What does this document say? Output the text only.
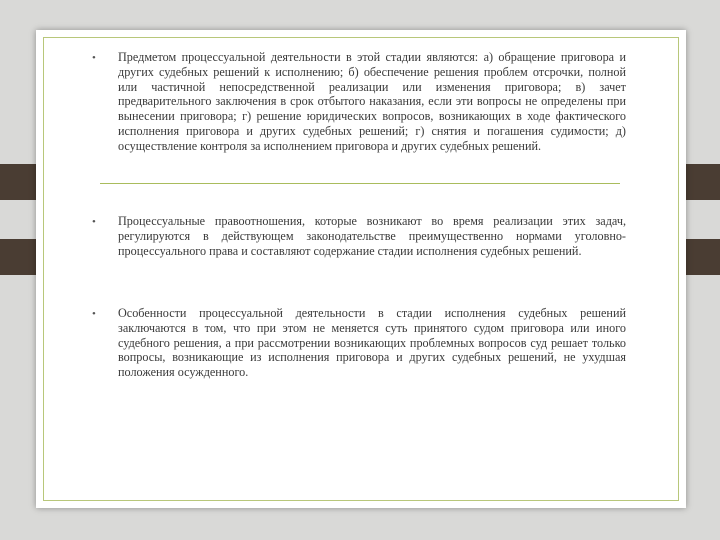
• Предметом процессуальной деятельности в этой стадии являются: а) обращение приговора и других судебных решений к исполнению; б) обеспечение решения проблем отсрочки, полной или частичной непосредственной реализации или изменения приговора; в) зачет предварительного заключения в срок отбытого наказания, если эти вопросы не определены при вынесении приговора; г) решение юридических вопросов, возникающих в ходе фактического исполнения приговора и других судебных решений; г) снятия и погашения судимости; д) осуществление контроля за исполнением приговора и других судебных решений.

• Процессуальные правоотношения, которые возникают во время реализации этих задач, регулируются в действующем законодательстве преимущественно нормами уголовно-процессуального права и составляют содержание стадии исполнения судебных решений.

• Особенности процессуальной деятельности в стадии исполнения судебных решений заключаются в том, что при этом не меняется суть принятого судом приговора или иного судебного решения, а при рассмотрении возникающих проблемных вопросов суд решает только вопросы, возникающие из исполнения приговора и других судебных решений, не ухудшая положения осужденного.
